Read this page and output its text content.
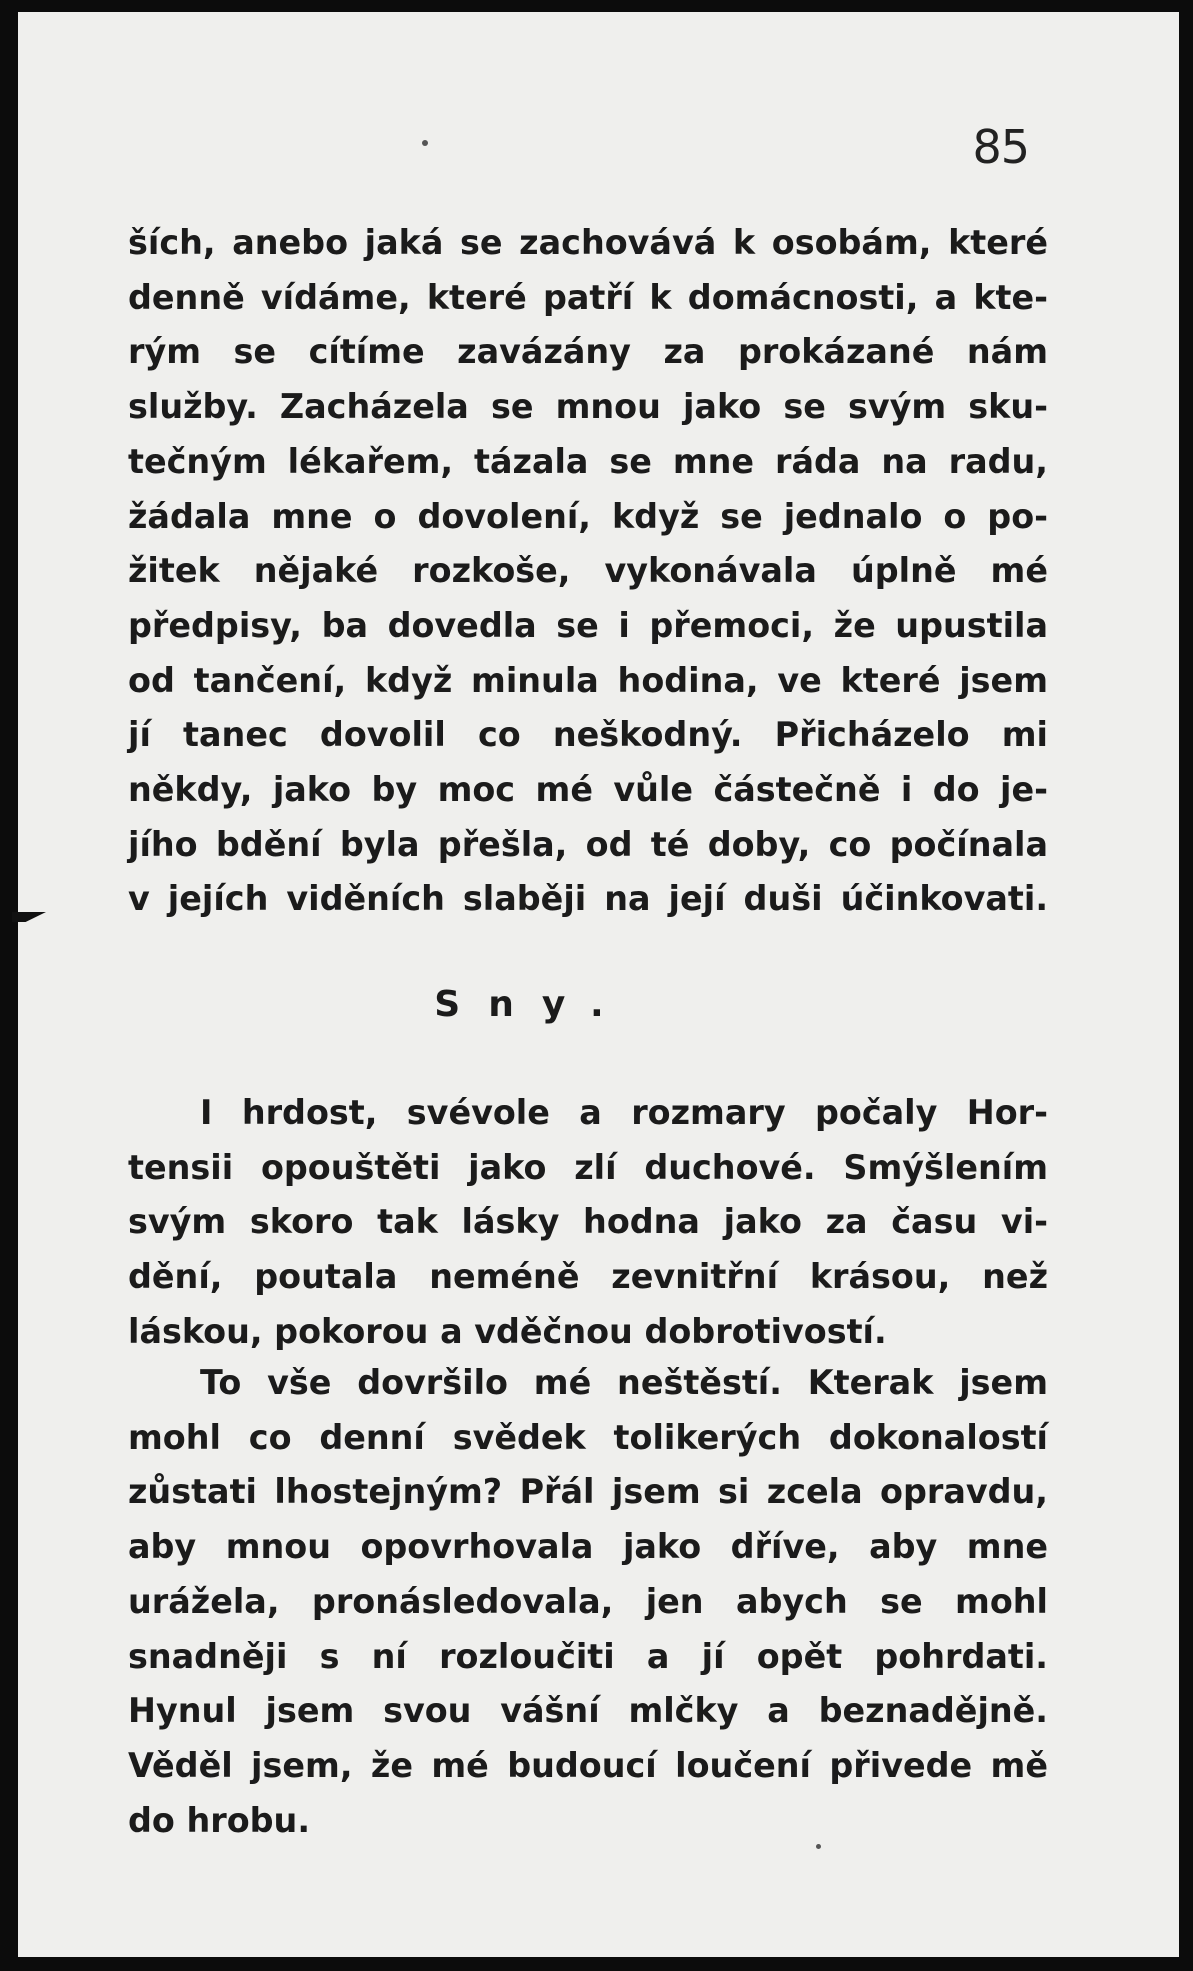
85
ších, anebo jaká se zachovává k osobám, které
denně vídáme, které patří k domácnosti, a kte-
rým se cítíme zavázány za prokázané nám
služby. Zacházela se mnou jako se svým sku-
tečným lékařem, tázala se mne ráda na radu,
žádala mne o dovolení, když se jednalo o po-
žitek nějaké rozkoše, vykonávala úplně mé
předpisy, ba dovedla se i přemoci, že upustila
od tančení, když minula hodina, ve které jsem
jí tanec dovolil co neškodný. Přicházelo mi
někdy, jako by moc mé vůle částečně i do je-
jího bdění byla přešla, od té doby, co počínala
v jejích viděních slaběji na její duši účinkovati.
Sny.
I hrdost, svévole a rozmary počaly Hor-
tensii opouštěti jako zlí duchové. Smýšlením
svým skoro tak lásky hodna jako za času vi-
dění, poutala neméně zevnitřní krásou, než
láskou, pokorou a vděčnou dobrotivostí.
To vše dovršilo mé neštěstí. Kterak jsem
mohl co denní svědek tolikerých dokonalostí
zůstati lhostejným? Přál jsem si zcela opravdu,
aby mnou opovrhovala jako dříve, aby mne
urážela, pronásledovala, jen abych se mohl
snadněji s ní rozloučiti a jí opět pohrdati.
Hynul jsem svou vášní mlčky a beznadějně.
Věděl jsem, že mé budoucí loučení přivede mě
do hrobu.
